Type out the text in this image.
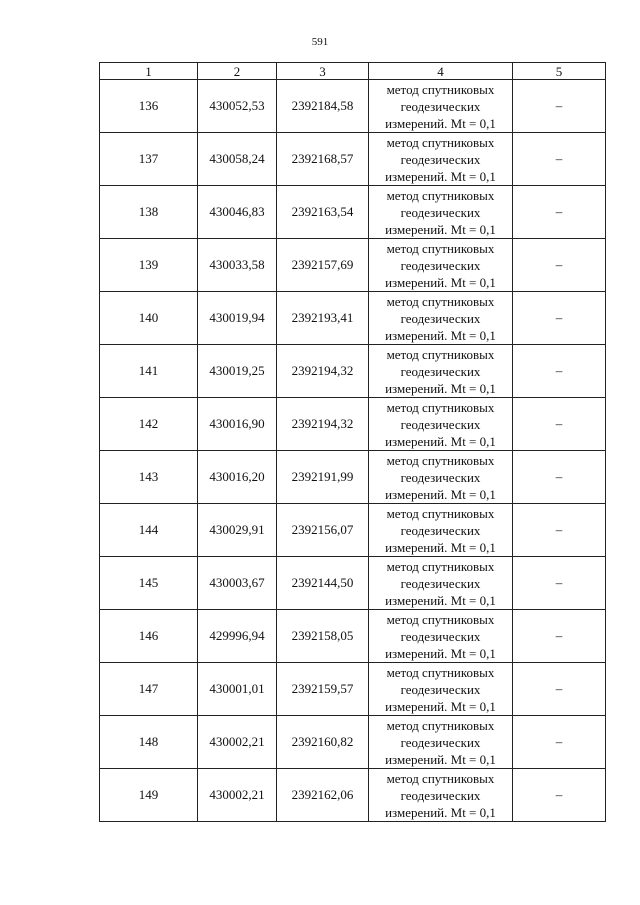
591
1	2	3	4	5
136	430052,53	2392184,58	метод спутниковых
геодезических
измерений. Mt = 0,1	–
137	430058,24	2392168,57	метод спутниковых
геодезических
измерений. Mt = 0,1	–
138	430046,83	2392163,54	метод спутниковых
геодезических
измерений. Mt = 0,1	–
139	430033,58	2392157,69	метод спутниковых
геодезических
измерений. Mt = 0,1	–
140	430019,94	2392193,41	метод спутниковых
геодезических
измерений. Mt = 0,1	–
141	430019,25	2392194,32	метод спутниковых
геодезических
измерений. Mt = 0,1	–
142	430016,90	2392194,32	метод спутниковых
геодезических
измерений. Mt = 0,1	–
143	430016,20	2392191,99	метод спутниковых
геодезических
измерений. Mt = 0,1	–
144	430029,91	2392156,07	метод спутниковых
геодезических
измерений. Mt = 0,1	–
145	430003,67	2392144,50	метод спутниковых
геодезических
измерений. Mt = 0,1	–
146	429996,94	2392158,05	метод спутниковых
геодезических
измерений. Mt = 0,1	–
147	430001,01	2392159,57	метод спутниковых
геодезических
измерений. Mt = 0,1	–
148	430002,21	2392160,82	метод спутниковых
геодезических
измерений. Mt = 0,1	–
149	430002,21	2392162,06	метод спутниковых
геодезических
измерений. Mt = 0,1	–
